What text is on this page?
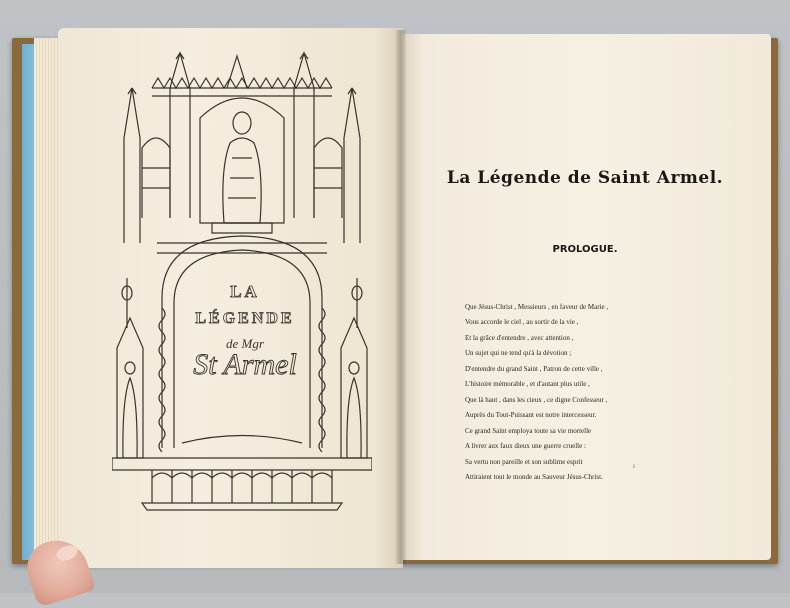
LA
LÉGENDE
de Mgr
St Armel
La Légende de Saint Armel.
PROLOGUE.
Que Jésus-Christ , Messieurs , en faveur de Marie ,
Vous accorde le ciel , au sortir de la vie ,
Et la grâce d'entendre , avec attention ,
Un sujet qui ne tend qu'à la dévotion ;
D'entendre du grand Saint , Patron de cette ville ,
L'histoire mémorable , et d'autant plus utile ,
Que là haut , dans les cieux , ce digne Confesseur ,
Auprès du Tout-Puissant est notre intercesseur.
Ce grand Saint employa toute sa vie mortelle
A livrer aux faux dieux une guerre cruelle :
Sa vertu non pareille et son sublime esprit
Attiraient tout le monde au Sauveur Jésus-Christ.
ı
